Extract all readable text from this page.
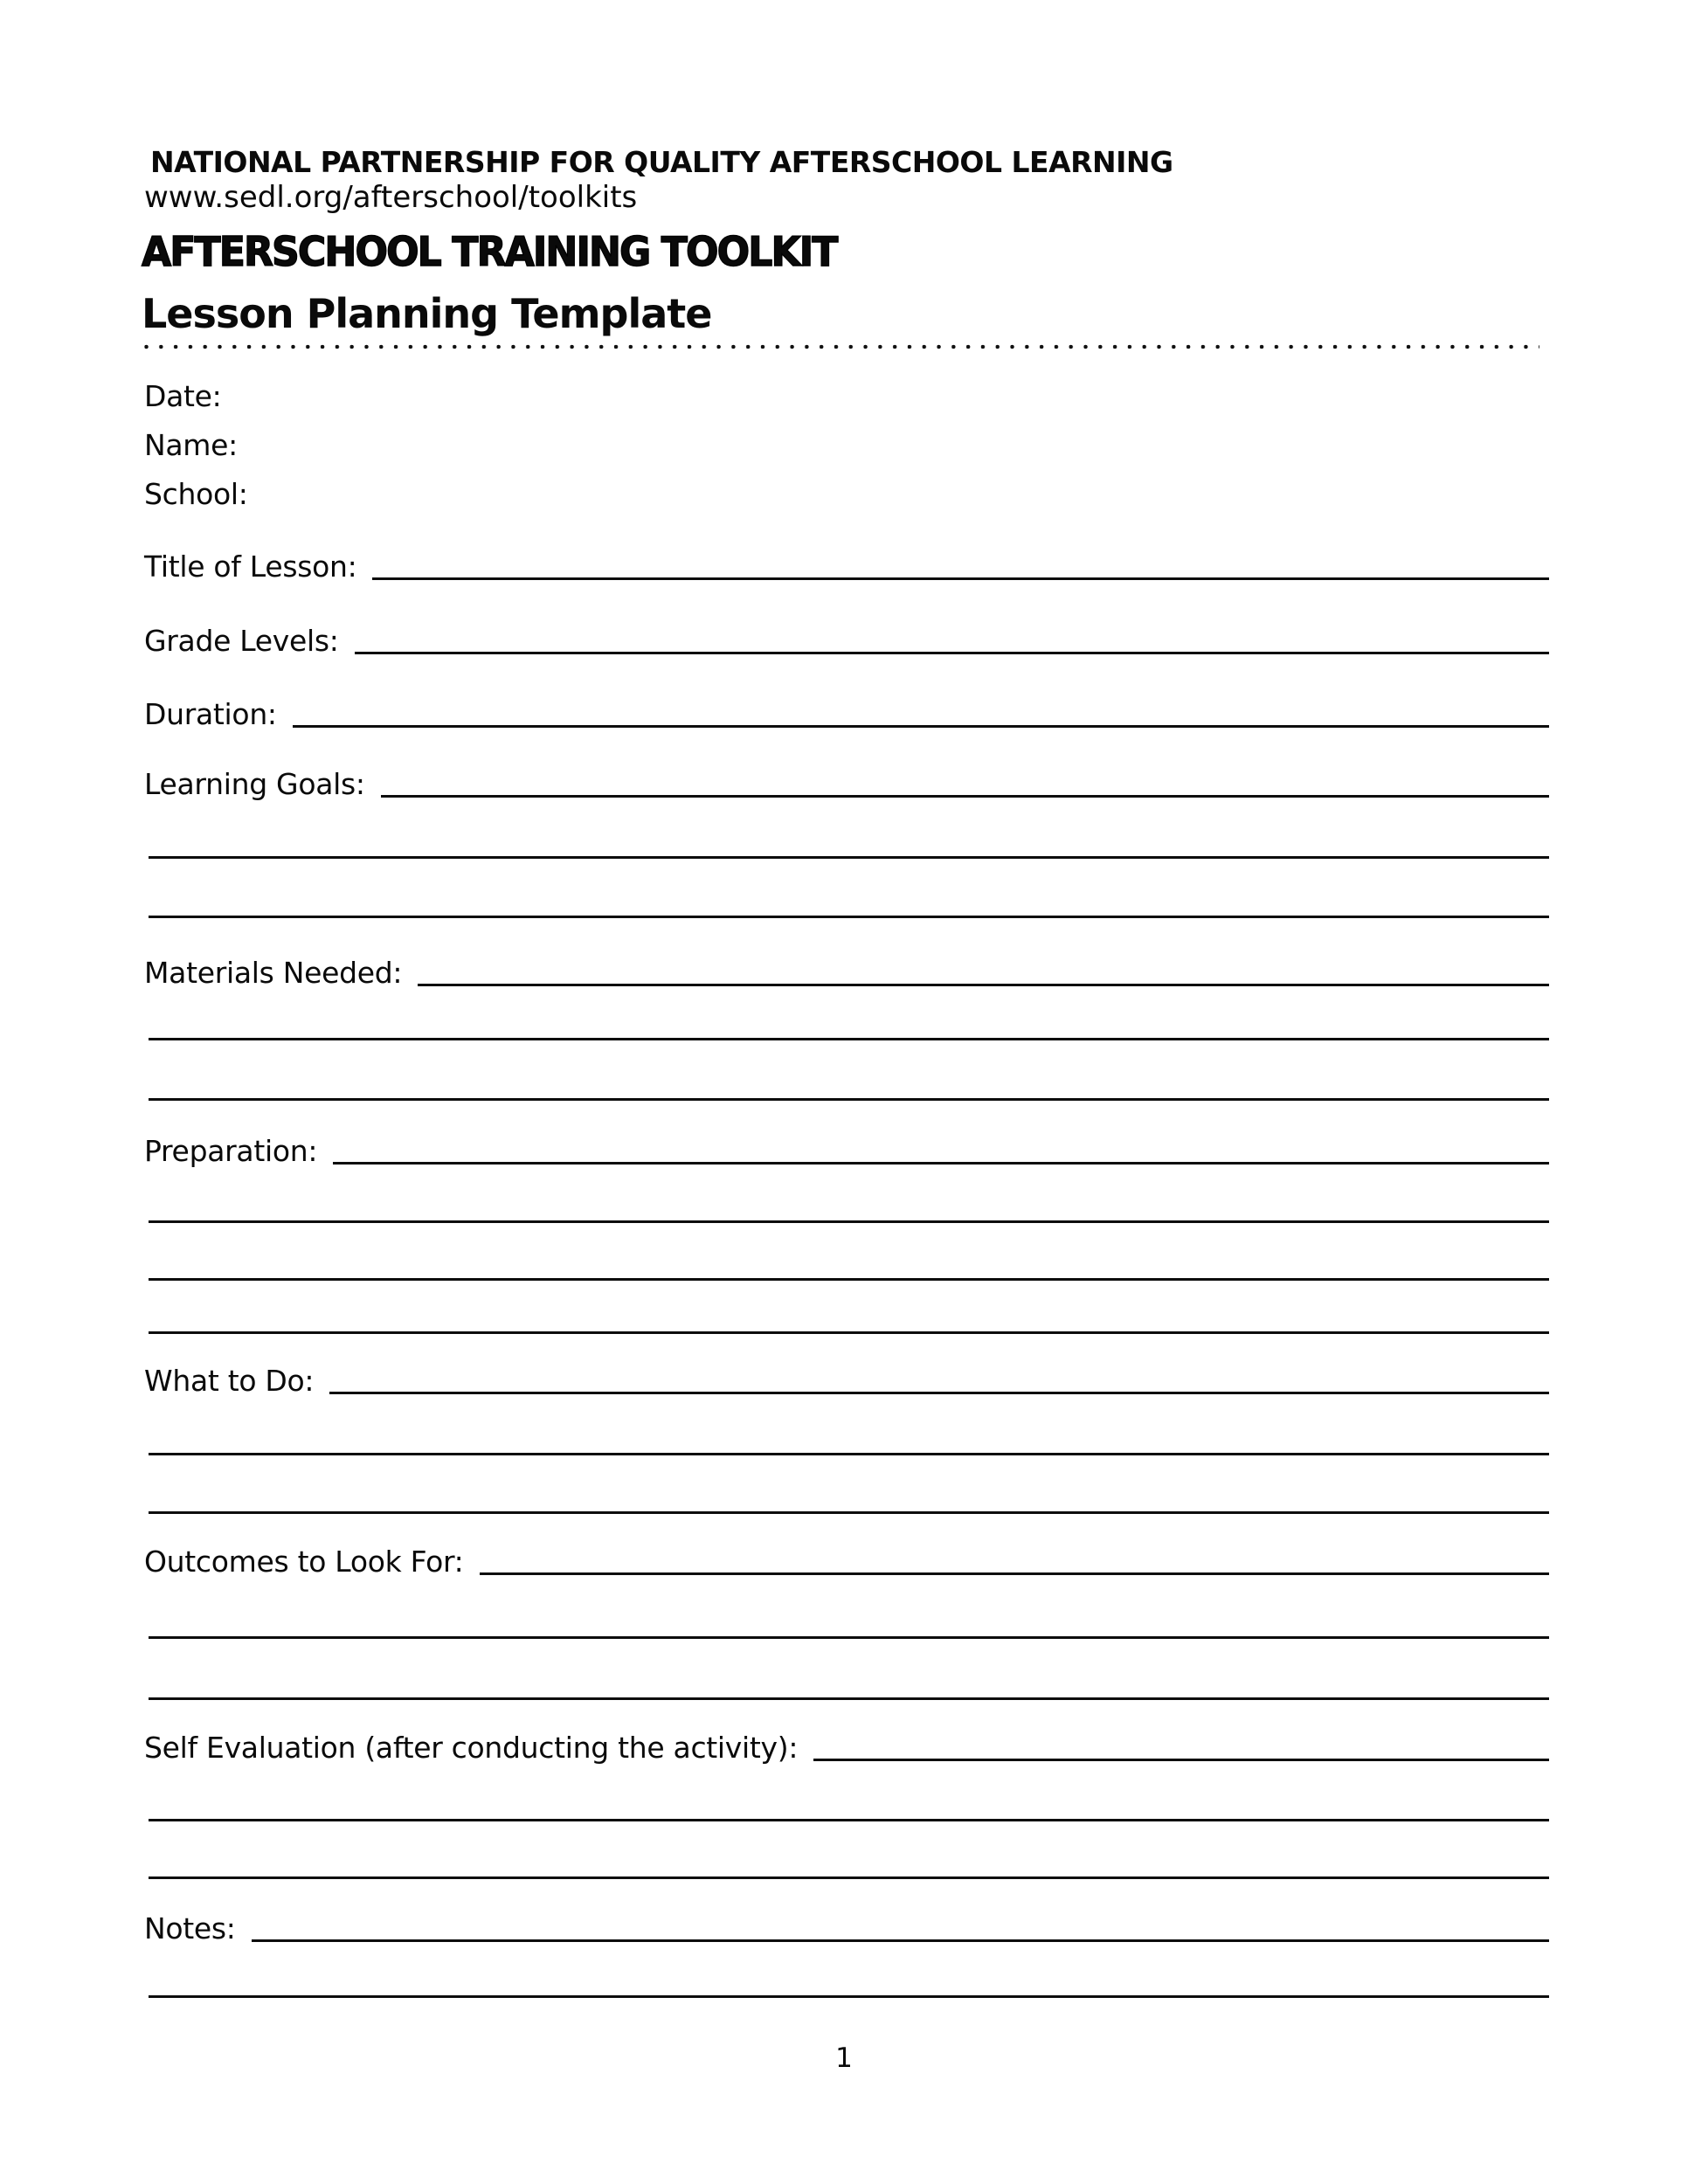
NATIONAL PARTNERSHIP FOR QUALITY AFTERSCHOOL LEARNING
www.sedl.org/afterschool/toolkits
AFTERSCHOOL TRAINING TOOLKIT
Lesson Planning Template
Date:
Name:
School:
Title of Lesson:
Grade Levels:
Duration:
Learning Goals:
Materials Needed:
Preparation:
What to Do:
Outcomes to Look For:
Self Evaluation (after conducting the activity):
Notes:
1
